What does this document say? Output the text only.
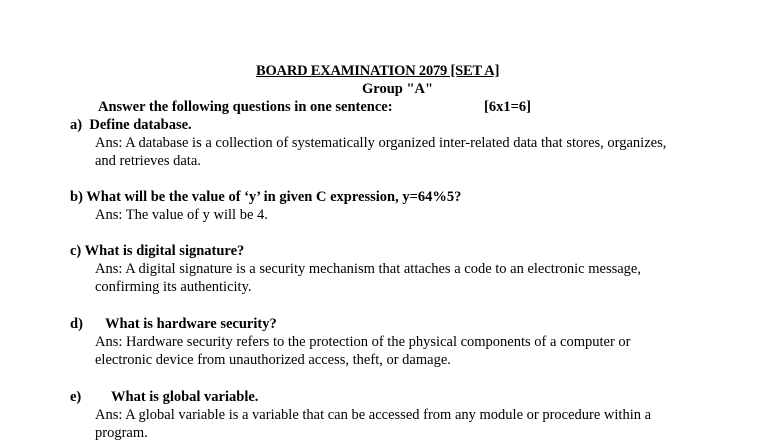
BOARD EXAMINATION 2079 [SET A]
Group "A"
Answer the following questions in one sentence:	[6x1=6]
a) Define database.
Ans: A database is a collection of systematically organized inter-related data that stores, organizes,
and retrieves data.
b) What will be the value of ‘y’ in given C expression, y=64%5?
Ans: The value of y will be 4.
c) What is digital signature?
Ans: A digital signature is a security mechanism that attaches a code to an electronic message,
confirming its authenticity.
d) What is hardware security?
Ans: Hardware security refers to the protection of the physical components of a computer or
electronic device from unauthorized access, theft, or damage.
e) What is global variable.
Ans: A global variable is a variable that can be accessed from any module or procedure within a
program.
